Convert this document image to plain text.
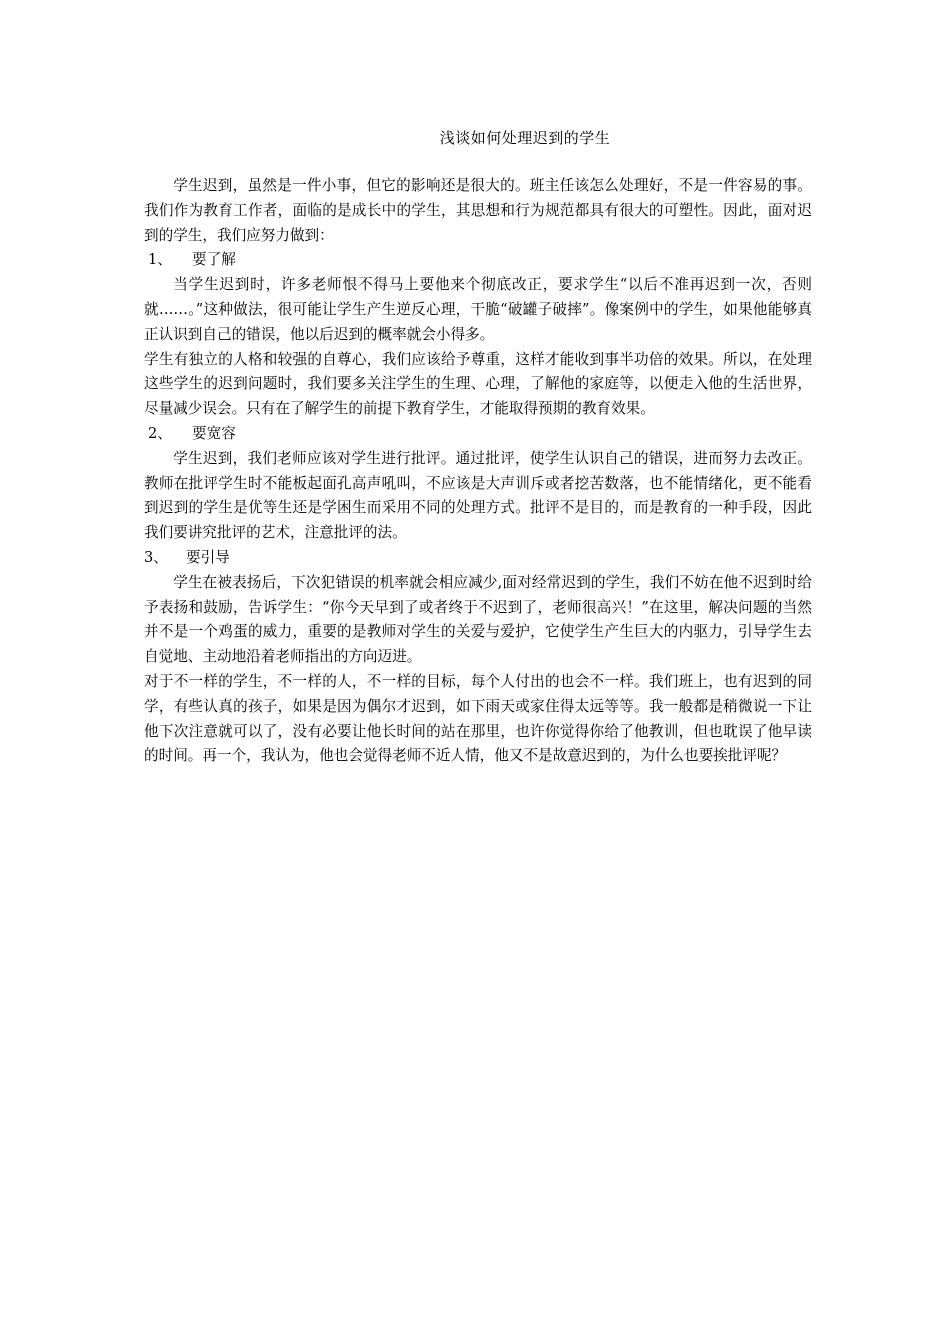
浅谈如何处理迟到的学生

学生迟到，虽然是一件小事，但它的影响还是很大的。班主任该怎么处理好，不是一件容易的事。我们作为教育工作者，面临的是成长中的学生，其思想和行为规范都具有很大的可塑性。因此，面对迟到的学生，我们应努力做到：

1、	要了解

当学生迟到时，许多老师恨不得马上要他来个彻底改正，要求学生“以后不准再迟到一次，否则就……。”这种做法，很可能让学生产生逆反心理，干脆“破罐子破摔”。像案例中的学生，如果他能够真正认识到自己的错误，他以后迟到的概率就会小得多。

学生有独立的人格和较强的自尊心，我们应该给予尊重，这样才能收到事半功倍的效果。所以，在处理这些学生的迟到问题时，我们要多关注学生的生理、心理，了解他的家庭等，以便走入他的生活世界，尽量减少误会。只有在了解学生的前提下教育学生，才能取得预期的教育效果。

2、	要宽容

学生迟到，我们老师应该对学生进行批评。通过批评，使学生认识自己的错误，进而努力去改正。教师在批评学生时不能板起面孔高声吼叫，不应该是大声训斥或者挖苦数落，也不能情绪化，更不能看到迟到的学生是优等生还是学困生而采用不同的处理方式。批评不是目的，而是教育的一种手段，因此我们要讲究批评的艺术，注意批评的法。

3、	要引导

学生在被表扬后，下次犯错误的机率就会相应减少,面对经常迟到的学生，我们不妨在他不迟到时给予表扬和鼓励，告诉学生：“你今天早到了或者终于不迟到了，老师很高兴！”在这里，解决问题的当然并不是一个鸡蛋的威力，重要的是教师对学生的关爱与爱护，它使学生产生巨大的内驱力，引导学生去自觉地、主动地沿着老师指出的方向迈进。

对于不一样的学生，不一样的人，不一样的目标，每个人付出的也会不一样。我们班上，也有迟到的同学，有些认真的孩子，如果是因为偶尔才迟到，如下雨天或家住得太远等等。我一般都是稍微说一下让他下次注意就可以了，没有必要让他长时间的站在那里，也许你觉得你给了他教训，但也耽误了他早读的时间。再一个，我认为，他也会觉得老师不近人情，他又不是故意迟到的，为什么也要挨批评呢？
